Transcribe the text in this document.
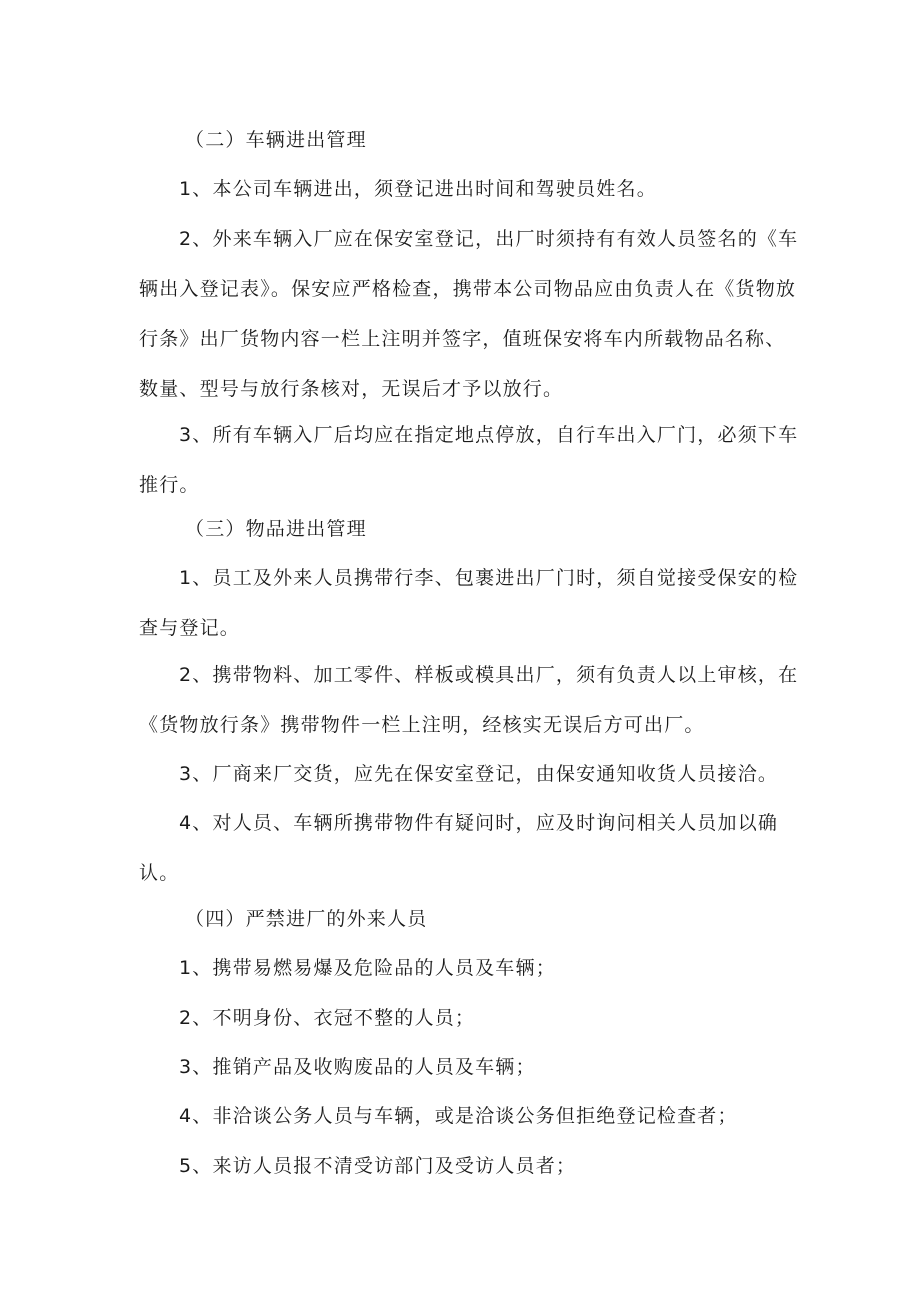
（二）车辆进出管理

1、本公司车辆进出，须登记进出时间和驾驶员姓名。

2、外来车辆入厂应在保安室登记，出厂时须持有有效人员签名的《车辆出入登记表》。保安应严格检查，携带本公司物品应由负责人在《货物放行条》出厂货物内容一栏上注明并签字，值班保安将车内所载物品名称、数量、型号与放行条核对，无误后才予以放行。

3、所有车辆入厂后均应在指定地点停放，自行车出入厂门，必须下车推行。

（三）物品进出管理

1、员工及外来人员携带行李、包裹进出厂门时，须自觉接受保安的检查与登记。

2、携带物料、加工零件、样板或模具出厂，须有负责人以上审核，在《货物放行条》携带物件一栏上注明，经核实无误后方可出厂。

3、厂商来厂交货，应先在保安室登记，由保安通知收货人员接洽。

4、对人员、车辆所携带物件有疑问时，应及时询问相关人员加以确认。

（四）严禁进厂的外来人员

1、携带易燃易爆及危险品的人员及车辆；

2、不明身份、衣冠不整的人员；

3、推销产品及收购废品的人员及车辆；

4、非洽谈公务人员与车辆，或是洽谈公务但拒绝登记检查者；

5、来访人员报不清受访部门及受访人员者；
